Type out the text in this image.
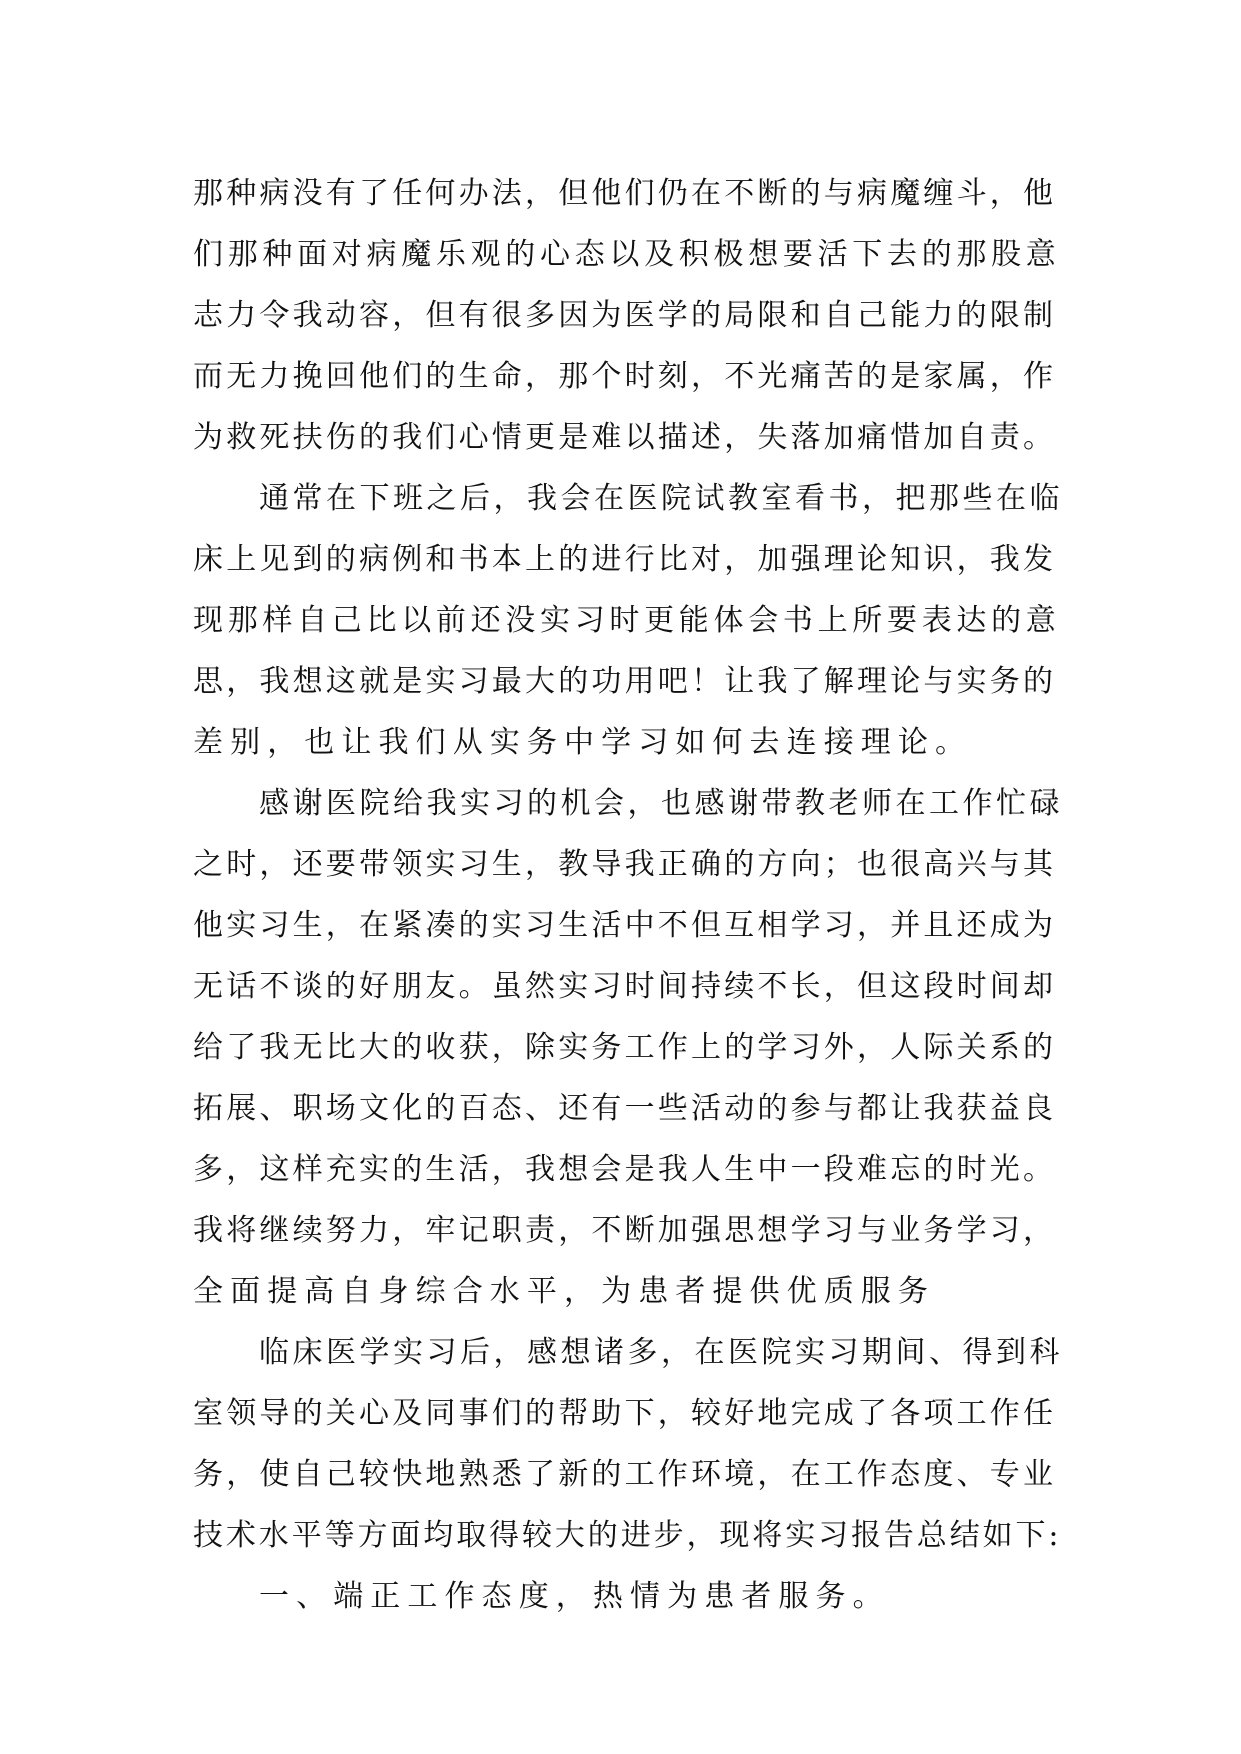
那种病没有了任何办法，但他们仍在不断的与病魔缠斗，他
们那种面对病魔乐观的心态以及积极想要活下去的那股意
志力令我动容，但有很多因为医学的局限和自己能力的限制
而无力挽回他们的生命，那个时刻，不光痛苦的是家属，作
为救死扶伤的我们心情更是难以描述，失落加痛惜加自责。
通常在下班之后，我会在医院试教室看书，把那些在临
床上见到的病例和书本上的进行比对，加强理论知识，我发
现那样自己比以前还没实习时更能体会书上所要表达的意
思，我想这就是实习最大的功用吧！让我了解理论与实务的
差别，也让我们从实务中学习如何去连接理论。
感谢医院给我实习的机会，也感谢带教老师在工作忙碌
之时，还要带领实习生，教导我正确的方向；也很高兴与其
他实习生，在紧凑的实习生活中不但互相学习，并且还成为
无话不谈的好朋友。虽然实习时间持续不长，但这段时间却
给了我无比大的收获，除实务工作上的学习外，人际关系的
拓展、职场文化的百态、还有一些活动的参与都让我获益良
多，这样充实的生活，我想会是我人生中一段难忘的时光。
我将继续努力，牢记职责，不断加强思想学习与业务学习，
全面提高自身综合水平，为患者提供优质服务
临床医学实习后，感想诸多，在医院实习期间、得到科
室领导的关心及同事们的帮助下，较好地完成了各项工作任
务，使自己较快地熟悉了新的工作环境，在工作态度、专业
技术水平等方面均取得较大的进步，现将实习报告总结如下:
一、端正工作态度，热情为患者服务。
